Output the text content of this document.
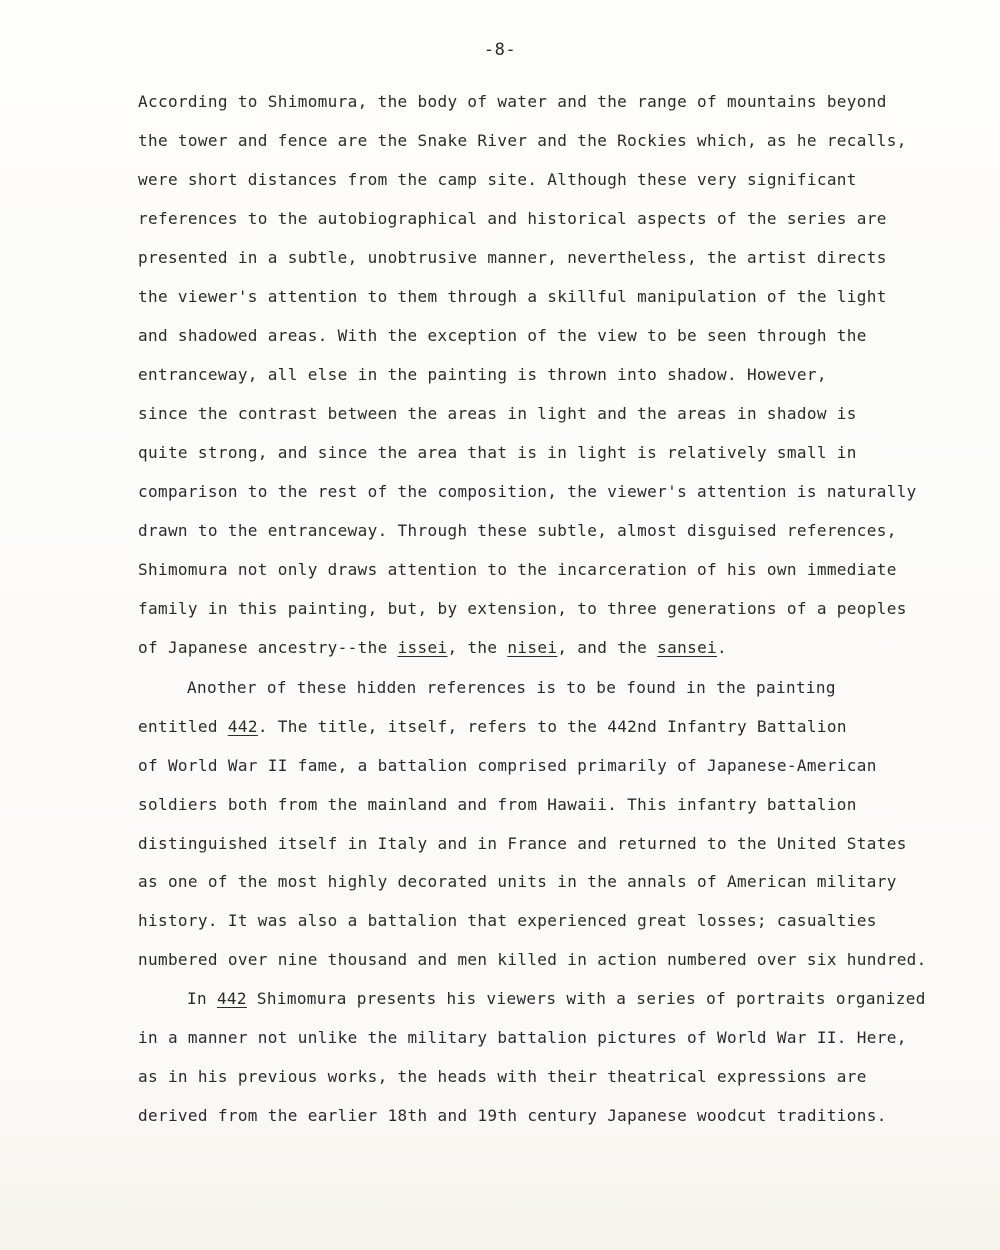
-8-
According to Shimomura, the body of water and the range of mountains beyond
the tower and fence are the Snake River and the Rockies which, as he recalls,
were short distances from the camp site. Although these very significant
references to the autobiographical and historical aspects of the series are
presented in a subtle, unobtrusive manner, nevertheless, the artist directs
the viewer's attention to them through a skillful manipulation of the light
and shadowed areas. With the exception of the view to be seen through the
entranceway, all else in the painting is thrown into shadow. However,
since the contrast between the areas in light and the areas in shadow is
quite strong, and since the area that is in light is relatively small in
comparison to the rest of the composition, the viewer's attention is naturally
drawn to the entranceway. Through these subtle, almost disguised references,
Shimomura not only draws attention to the incarceration of his own immediate
family in this painting, but, by extension, to three generations of a peoples
of Japanese ancestry--the issei, the nisei, and the sansei.
Another of these hidden references is to be found in the painting
entitled 442. The title, itself, refers to the 442nd Infantry Battalion
of World War II fame, a battalion comprised primarily of Japanese-American
soldiers both from the mainland and from Hawaii. This infantry battalion
distinguished itself in Italy and in France and returned to the United States
as one of the most highly decorated units in the annals of American military
history. It was also a battalion that experienced great losses; casualties
numbered over nine thousand and men killed in action numbered over six hundred.
In 442 Shimomura presents his viewers with a series of portraits organized
in a manner not unlike the military battalion pictures of World War II. Here,
as in his previous works, the heads with their theatrical expressions are
derived from the earlier 18th and 19th century Japanese woodcut traditions.
